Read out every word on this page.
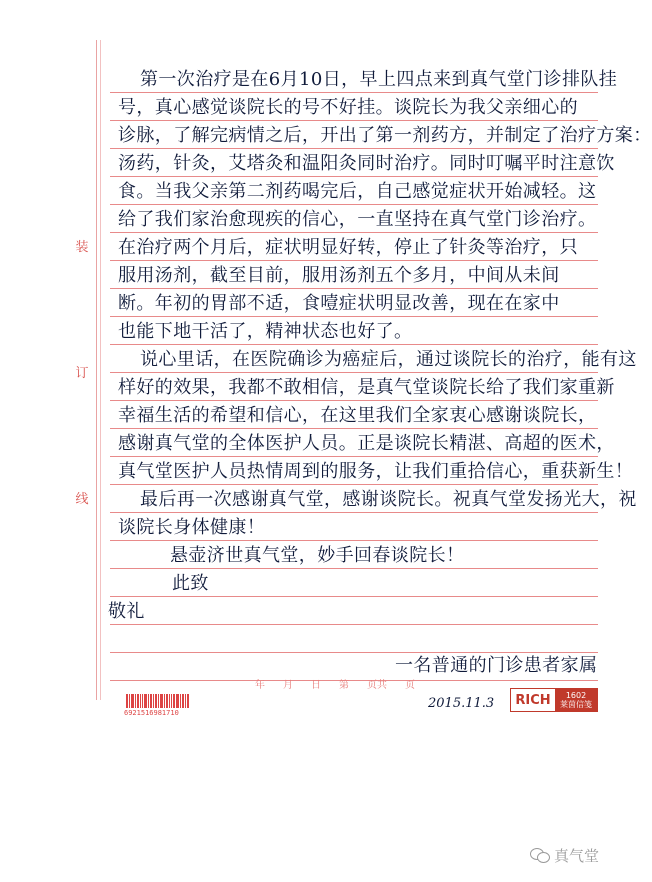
装
订
线
第一次治疗是在6月10日，早上四点来到真气堂门诊排队挂
号，真心感觉谈院长的号不好挂。谈院长为我父亲细心的
诊脉，了解完病情之后，开出了第一剂药方，并制定了治疗方案：
汤药，针灸，艾塔灸和温阳灸同时治疗。同时叮嘱平时注意饮
食。当我父亲第二剂药喝完后，自己感觉症状开始减轻。这
给了我们家治愈现疾的信心，一直坚持在真气堂门诊治疗。
在治疗两个月后，症状明显好转，停止了针灸等治疗，只
服用汤剂，截至目前，服用汤剂五个多月，中间从未间
断。年初的胃部不适，食噎症状明显改善，现在在家中
也能下地干活了，精神状态也好了。
说心里话，在医院确诊为癌症后，通过谈院长的治疗，能有这
样好的效果，我都不敢相信，是真气堂谈院长给了我们家重新
幸福生活的希望和信心，在这里我们全家衷心感谢谈院长，
感谢真气堂的全体医护人员。正是谈院长精湛、高超的医术，
真气堂医护人员热情周到的服务，让我们重拾信心，重获新生！
最后再一次感谢真气堂，感谢谈院长。祝真气堂发扬光大，祝
谈院长身体健康！
悬壶济世真气堂，妙手回春谈院长！
此致
敬礼
一名普通的门诊患者家属
年 月 日 第 页共 页
2015.11.3	RICH	1602
莱茵信笺
6921516981710
真气堂
